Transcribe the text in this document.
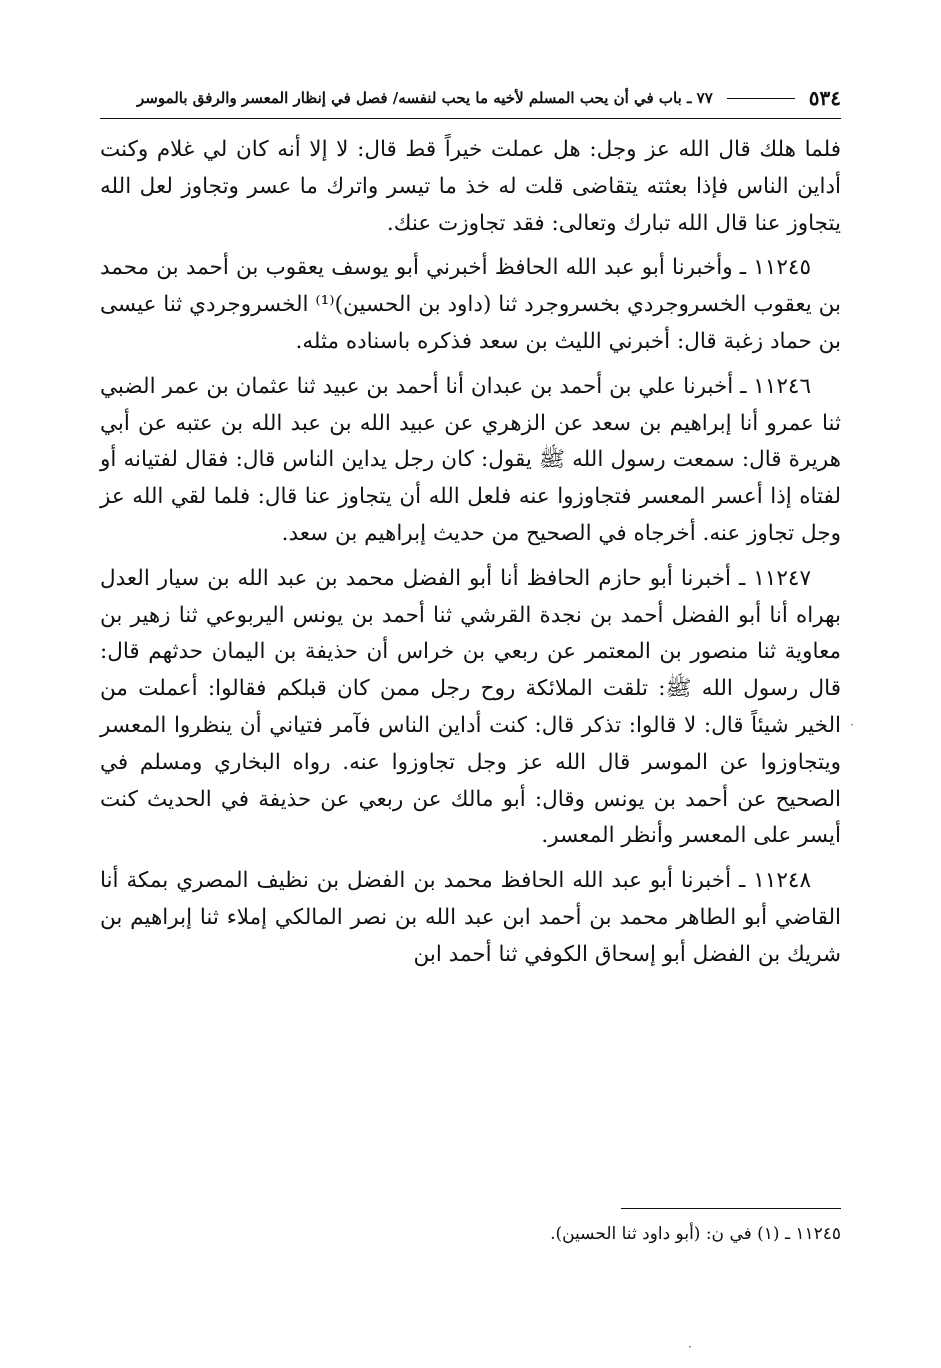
٥٣٤
٧٧ ـ باب في أن يحب المسلم لأخيه ما يحب لنفسه/ فصل في إنظار المعسر والرفق بالموسر

فلما هلك قال الله عز وجل: هل عملت خيراً قط قال: لا إلا أنه كان لي غلام وكنت أداين الناس فإذا بعثته يتقاضى قلت له خذ ما تيسر واترك ما عسر وتجاوز لعل الله يتجاوز عنا قال الله تبارك وتعالى: فقد تجاوزت عنك.

١١٢٤٥ ـ وأخبرنا أبو عبد الله الحافظ أخبرني أبو يوسف يعقوب بن أحمد بن محمد بن يعقوب الخسروجردي بخسروجرد ثنا (داود بن الحسين)⁽¹⁾ الخسروجردي ثنا عيسى بن حماد زغبة قال: أخبرني الليث بن سعد فذكره باسناده مثله.

١١٢٤٦ ـ أخبرنا علي بن أحمد بن عبدان أنا أحمد بن عبيد ثنا عثمان بن عمر الضبي ثنا عمرو أنا إبراهيم بن سعد عن الزهري عن عبيد الله بن عبد الله بن عتبه عن أبي هريرة قال: سمعت رسول الله ﷺ يقول: كان رجل يداين الناس قال: فقال لفتيانه أو لفتاه إذا أعسر المعسر فتجاوزوا عنه فلعل الله أن يتجاوز عنا قال: فلما لقي الله عز وجل تجاوز عنه. أخرجاه في الصحيح من حديث إبراهيم بن سعد.

١١٢٤٧ ـ أخبرنا أبو حازم الحافظ أنا أبو الفضل محمد بن عبد الله بن سيار العدل بهراه أنا أبو الفضل أحمد بن نجدة القرشي ثنا أحمد بن يونس اليربوعي ثنا زهير بن معاوية ثنا منصور بن المعتمر عن ربعي بن خراس أن حذيفة بن اليمان حدثهم قال: قال رسول الله ﷺ: تلقت الملائكة روح رجل ممن كان قبلكم فقالوا: أعملت من الخير شيئاً قال: لا قالوا: تذكر قال: كنت أداين الناس فآمر فتياني أن ينظروا المعسر ويتجاوزوا عن الموسر قال الله عز وجل تجاوزوا عنه. رواه البخاري ومسلم في الصحيح عن أحمد بن يونس وقال: أبو مالك عن ربعي عن حذيفة في الحديث كنت أيسر على المعسر وأنظر المعسر.

١١٢٤٨ ـ أخبرنا أبو عبد الله الحافظ محمد بن الفضل بن نظيف المصري بمكة أنا القاضي أبو الطاهر محمد بن أحمد ابن عبد الله بن نصر المالكي إملاء ثنا إبراهيم بن شريك بن الفضل أبو إسحاق الكوفي ثنا أحمد ابن

١١٢٤٥ ـ (١) في ن: (أبو داود ثنا الحسين).
·
·
